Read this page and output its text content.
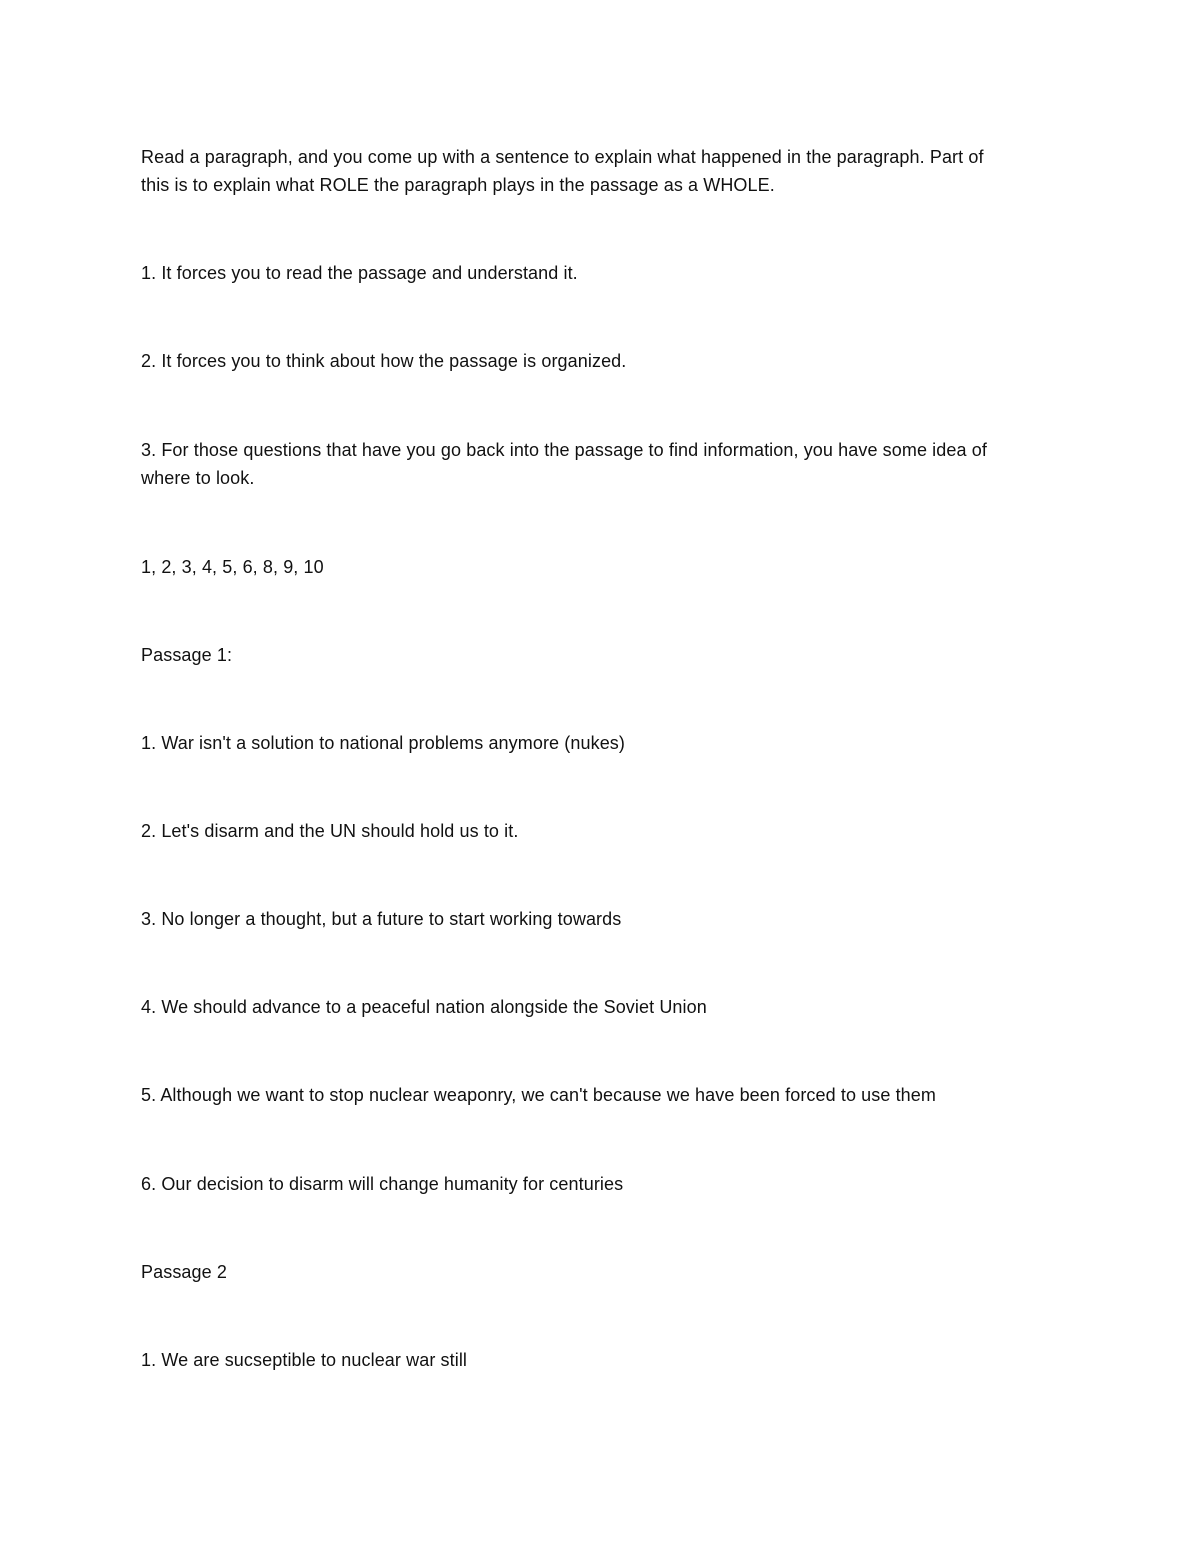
Read a paragraph, and you come up with a sentence to explain what happened in the paragraph. Part of
this is to explain what ROLE the paragraph plays in the passage as a WHOLE.

1. It forces you to read the passage and understand it.

2. It forces you to think about how the passage is organized.

3. For those questions that have you go back into the passage to find information, you have some idea of
where to look.

1, 2, 3, 4, 5, 6, 8, 9, 10

Passage 1:

1. War isn't a solution to national problems anymore (nukes)

2. Let's disarm and the UN should hold us to it.

3. No longer a thought, but a future to start working towards

4. We should advance to a peaceful nation alongside the Soviet Union

5. Although we want to stop nuclear weaponry, we can't because we have been forced to use them

6. Our decision to disarm will change humanity for centuries

Passage 2

1. We are sucseptible to nuclear war still
